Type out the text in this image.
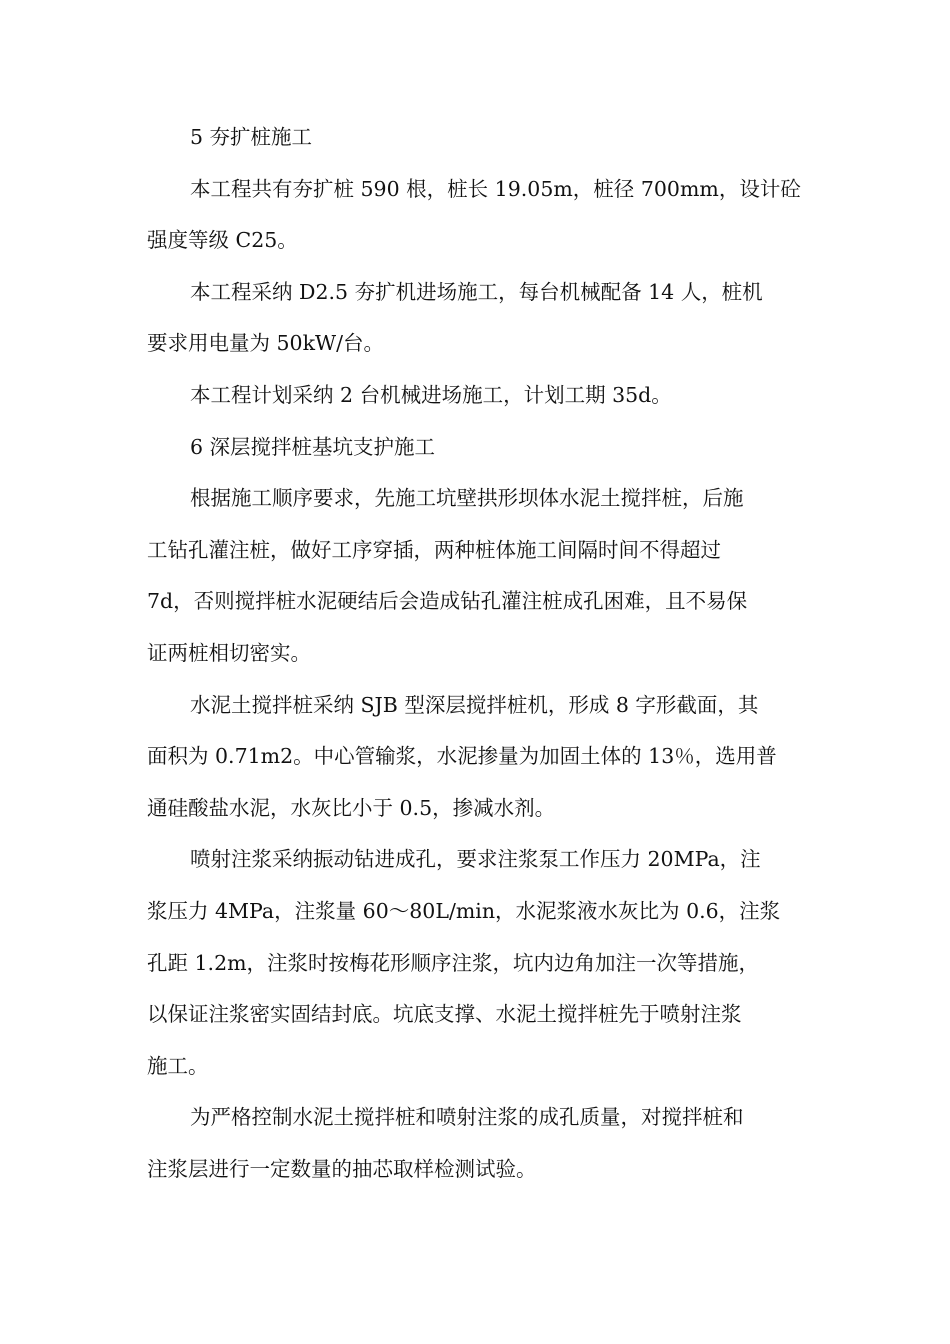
5 夯扩桩施工
本工程共有夯扩桩 590 根，桩长 19.05m，桩径 700mm，设计砼
强度等级 C25。
本工程采纳 D2.5 夯扩机进场施工，每台机械配备 14 人，桩机
要求用电量为 50kW/台。
本工程计划采纳 2 台机械进场施工，计划工期 35d。
6 深层搅拌桩基坑支护施工
根据施工顺序要求，先施工坑壁拱形坝体水泥土搅拌桩，后施
工钻孔灌注桩，做好工序穿插，两种桩体施工间隔时间不得超过
7d，否则搅拌桩水泥硬结后会造成钻孔灌注桩成孔困难，且不易保
证两桩相切密实。
水泥土搅拌桩采纳 SJB 型深层搅拌桩机，形成 8 字形截面，其
面积为 0.71m2。中心管输浆，水泥掺量为加固土体的 13％，选用普
通硅酸盐水泥，水灰比小于 0.5，掺减水剂。
喷射注浆采纳振动钻进成孔，要求注浆泵工作压力 20MPa，注
浆压力 4MPa，注浆量 60～80L/min，水泥浆液水灰比为 0.6，注浆
孔距 1.2m，注浆时按梅花形顺序注浆，坑内边角加注一次等措施，
以保证注浆密实固结封底。坑底支撑、水泥土搅拌桩先于喷射注浆
施工。
为严格控制水泥土搅拌桩和喷射注浆的成孔质量，对搅拌桩和
注浆层进行一定数量的抽芯取样检测试验。
